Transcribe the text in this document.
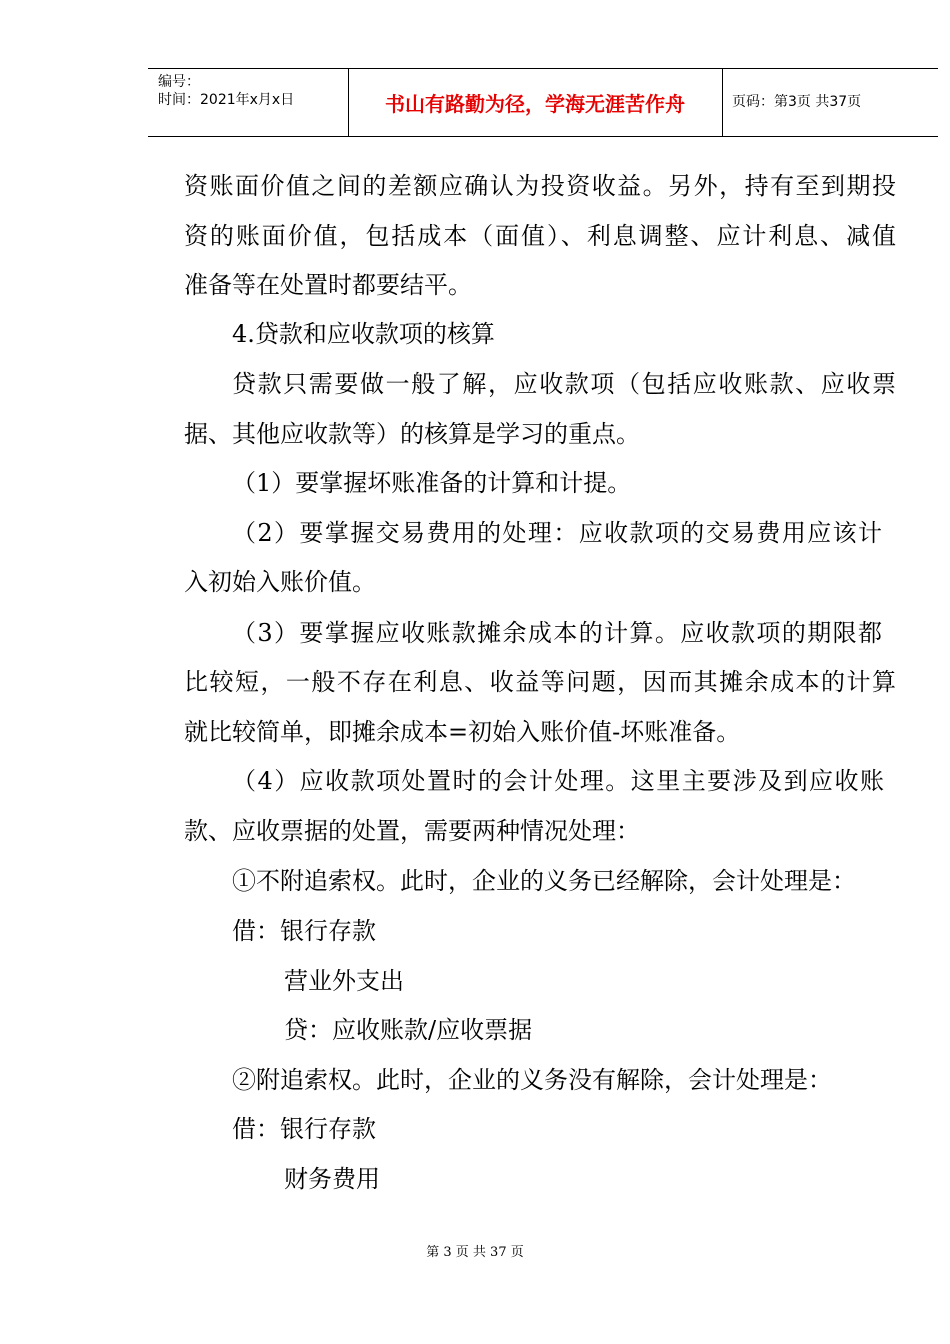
编号：
时间：2021年x月x日	书山有路勤为径，学海无涯苦作舟	页码：第3页 共37页
资账面价值之间的差额应确认为投资收益。另外，持有至到期投
资的账面价值，包括成本（面值）、利息调整、应计利息、减值
准备等在处置时都要结平。
4.贷款和应收款项的核算
贷款只需要做一般了解，应收款项（包括应收账款、应收票
据、其他应收款等）的核算是学习的重点。
（1）要掌握坏账准备的计算和计提。
（2）要掌握交易费用的处理：应收款项的交易费用应该计
入初始入账价值。
（3）要掌握应收账款摊余成本的计算。应收款项的期限都
比较短，一般不存在利息、收益等问题，因而其摊余成本的计算
就比较简单，即摊余成本=初始入账价值-坏账准备。
（4）应收款项处置时的会计处理。这里主要涉及到应收账
款、应收票据的处置，需要两种情况处理：
①不附追索权。此时，企业的义务已经解除，会计处理是：
借：银行存款
营业外支出
贷：应收账款/应收票据
②附追索权。此时，企业的义务没有解除，会计处理是：
借：银行存款
财务费用
第 3 页 共 37 页
